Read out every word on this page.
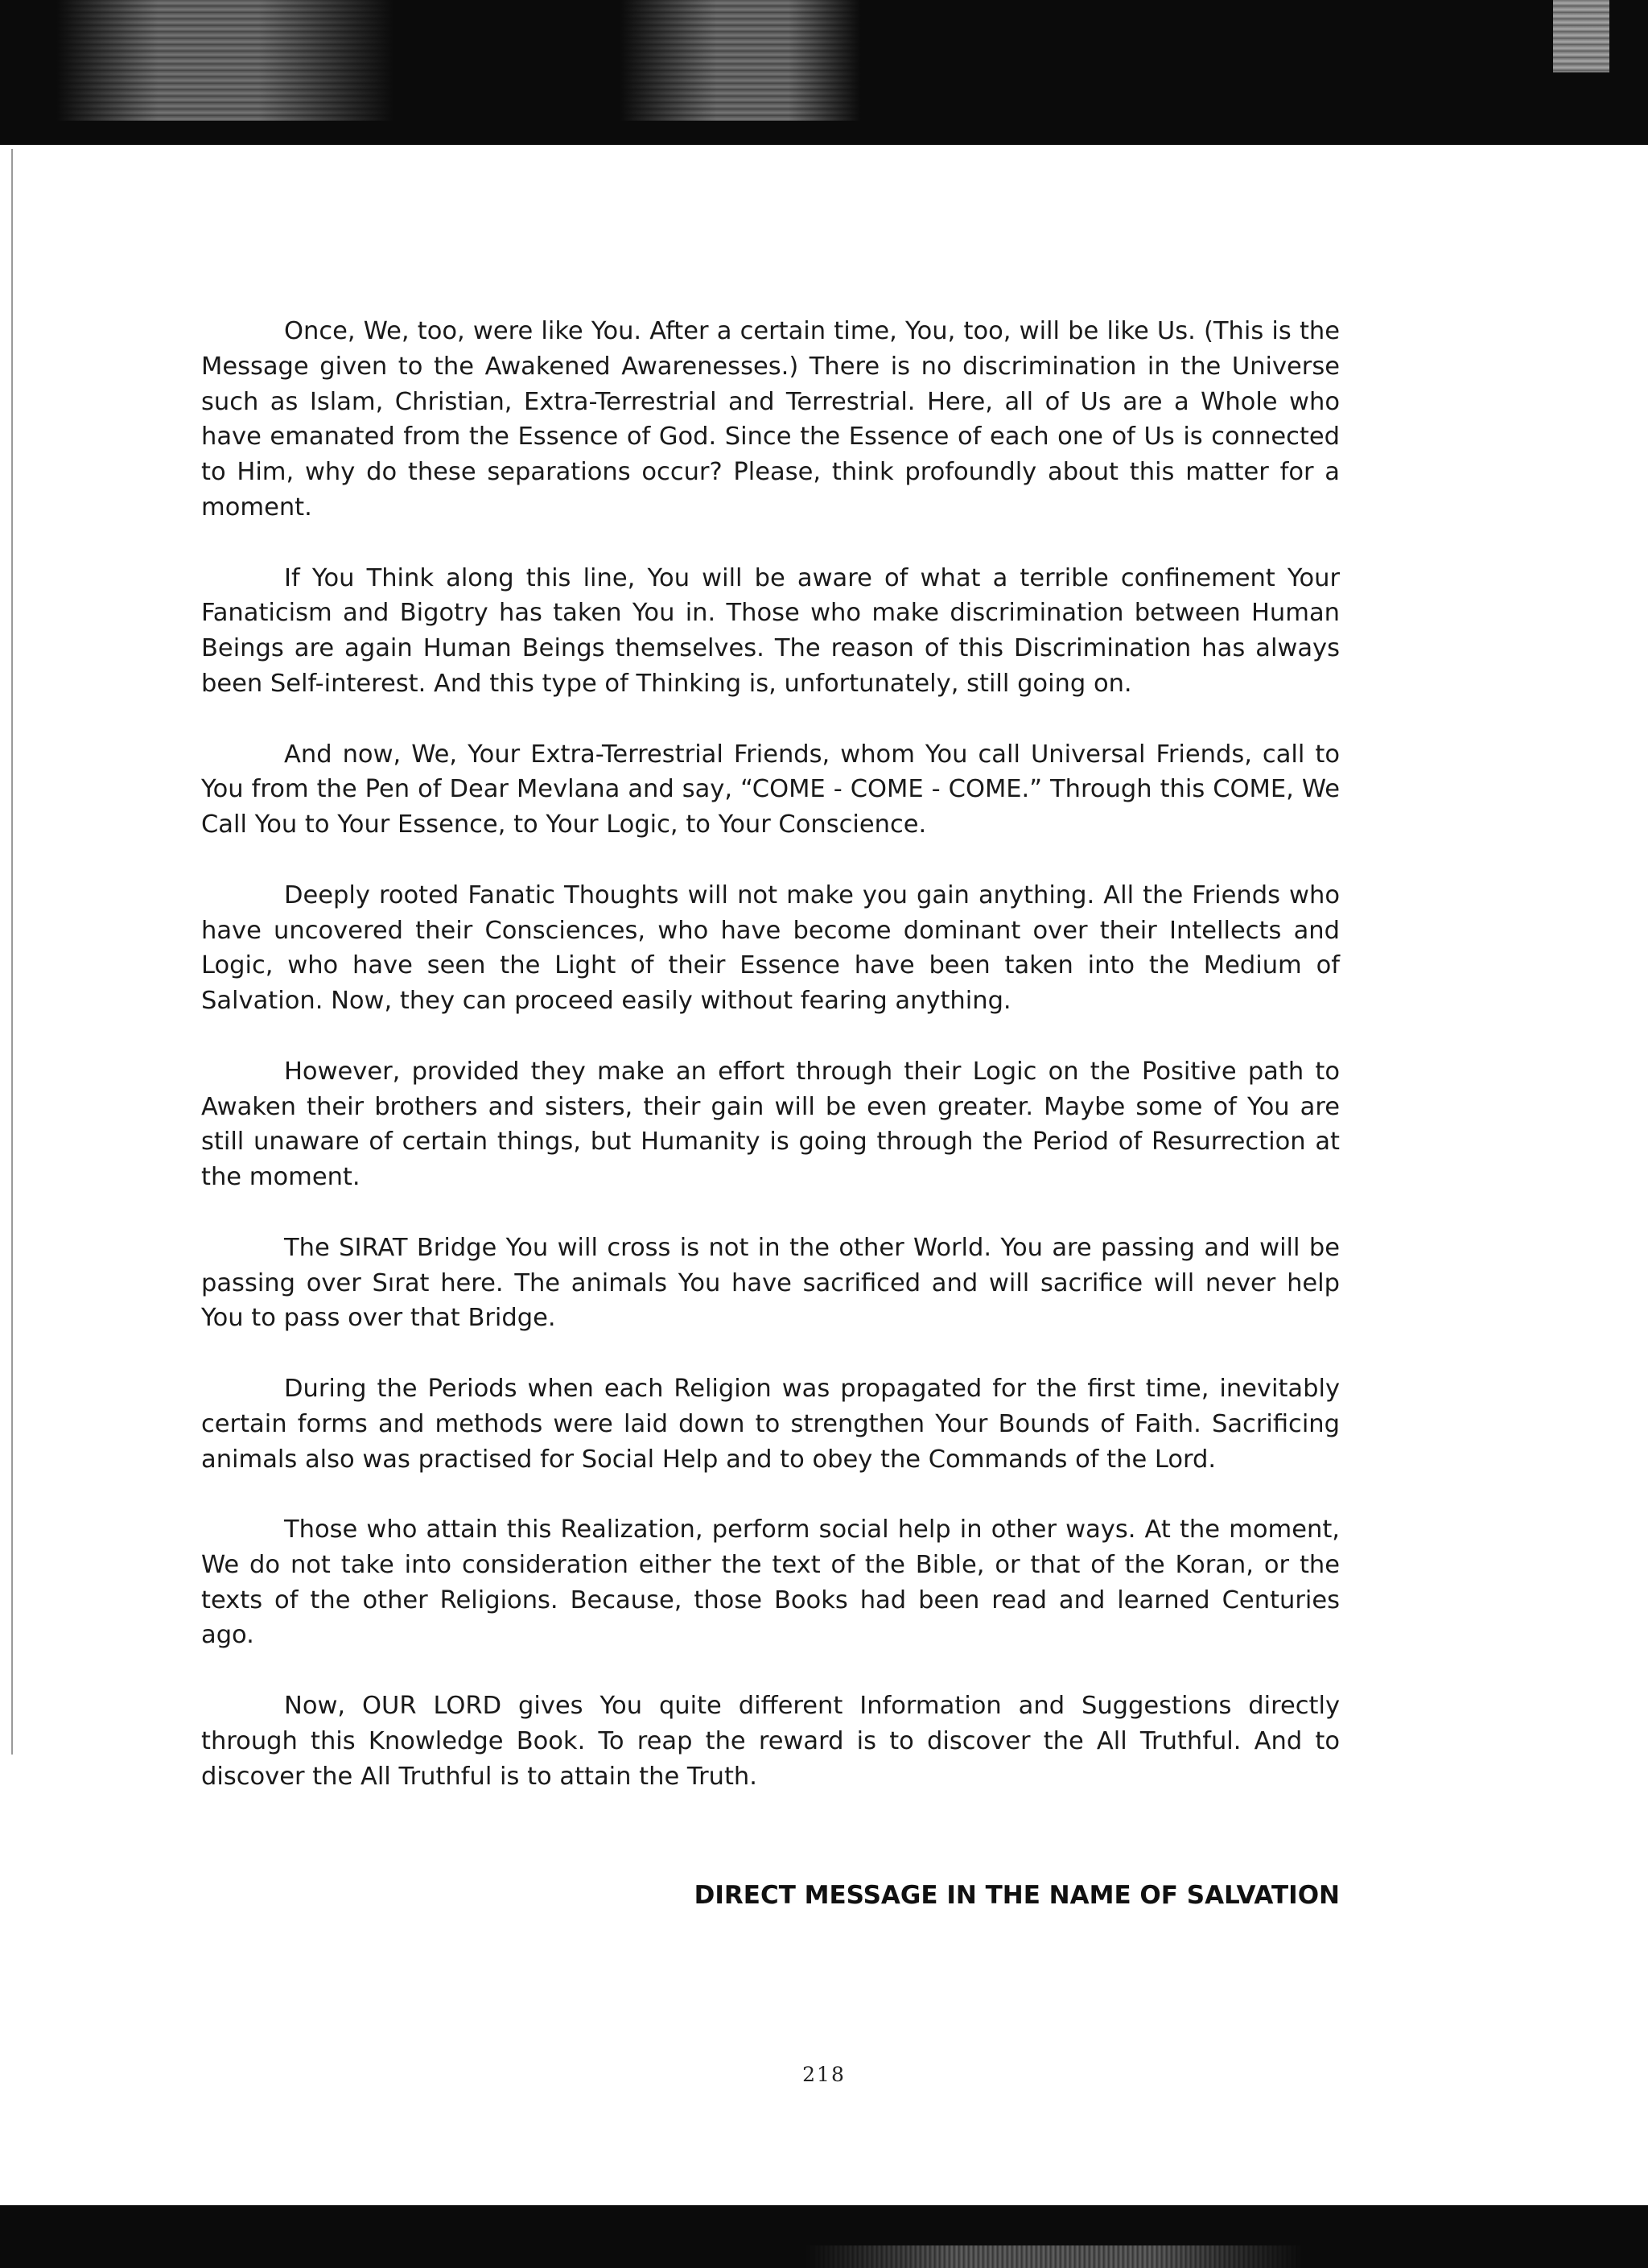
Once, We, too, were like You. After a certain time, You, too, will be like Us. (This is the Message given to the Awakened Awarenesses.) There is no discrimination in the Universe such as Islam, Christian, Extra-Terrestrial and Terrestrial. Here, all of Us are a Whole who have emanated from the Essence of God. Since the Essence of each one of Us is connected to Him, why do these separations occur? Please, think profoundly about this matter for a moment.

If You Think along this line, You will be aware of what a terrible confinement Your Fanaticism and Bigotry has taken You in. Those who make discrimination between Human Beings are again Human Beings themselves. The reason of this Discrimination has always been Self-interest. And this type of Thinking is, unfortunately, still going on.

And now, We, Your Extra-Terrestrial Friends, whom You call Universal Friends, call to You from the Pen of Dear Mevlana and say, “COME - COME - COME.” Through this COME, We Call You to Your Essence, to Your Logic, to Your Conscience.

Deeply rooted Fanatic Thoughts will not make you gain anything. All the Friends who have uncovered their Consciences, who have become dominant over their Intellects and Logic, who have seen the Light of their Essence have been taken into the Medium of Salvation. Now, they can proceed easily without fearing anything.

However, provided they make an effort through their Logic on the Positive path to Awaken their brothers and sisters, their gain will be even greater. Maybe some of You are still unaware of certain things, but Humanity is going through the Period of Resurrection at the moment.

The SIRAT Bridge You will cross is not in the other World. You are passing and will be passing over Sırat here. The animals You have sacrificed and will sacrifice will never help You to pass over that Bridge.

During the Periods when each Religion was propagated for the first time, inevitably certain forms and methods were laid down to strengthen Your Bounds of Faith. Sacrificing animals also was practised for Social Help and to obey the Commands of the Lord.

Those who attain this Realization, perform social help in other ways. At the moment, We do not take into consideration either the text of the Bible, or that of the Koran, or the texts of the other Religions. Because, those Books had been read and learned Centuries ago.

Now, OUR LORD gives You quite different Information and Suggestions directly through this Knowledge Book. To reap the reward is to discover the All Truthful. And to discover the All Truthful is to attain the Truth.

DIRECT MESSAGE IN THE NAME OF SALVATION
218
